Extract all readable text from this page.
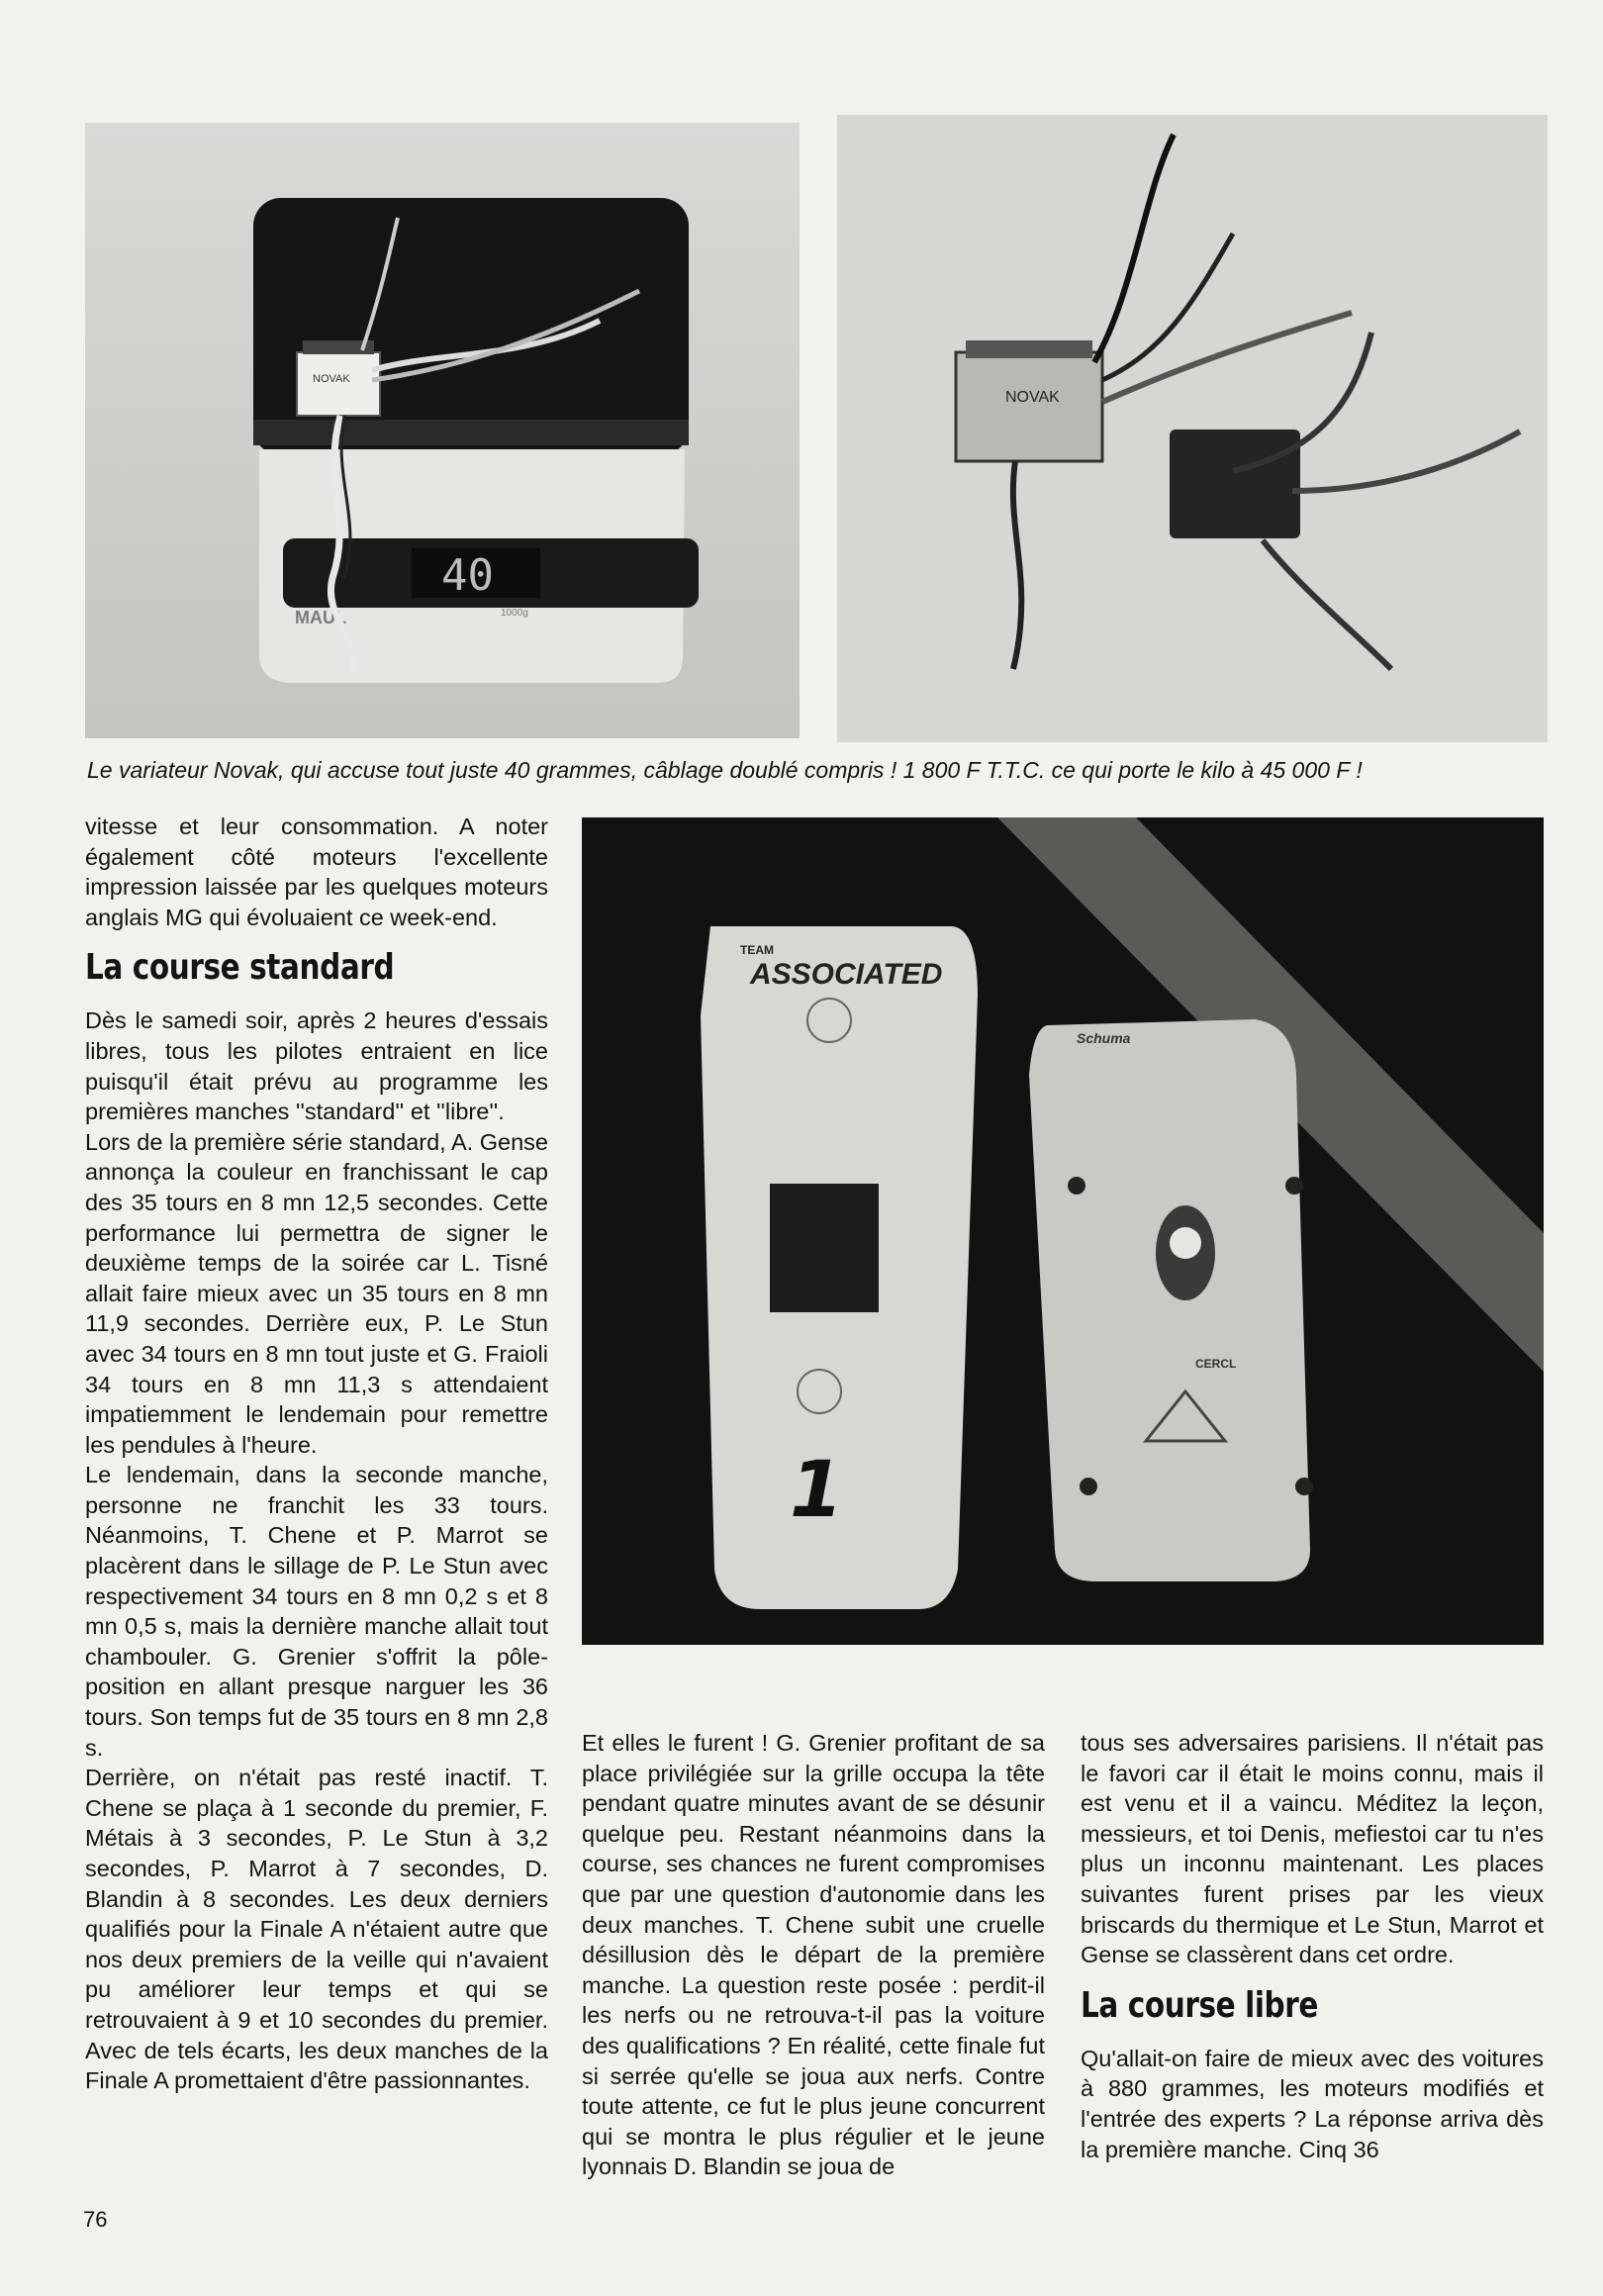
40
MAUL	1000g
NOVAK
NOVAK
Le variateur Novak, qui accuse tout juste 40 grammes, câblage doublé compris ! 1 800 F T.T.C. ce qui porte le kilo à 45 000 F !
TEAM
ASSOCIATED
1
Schuma
CERCL

vitesse et leur consommation. A noter également côté moteurs l'excellente impression laissée par les quelques moteurs anglais MG qui évoluaient ce week-end.

La course standard

Dès le samedi soir, après 2 heures d'essais libres, tous les pilotes entraient en lice puisqu'il était prévu au programme les premières manches ''standard'' et ''libre''.

Lors de la première série standard, A. Gense annonça la couleur en franchissant le cap des 35 tours en 8 mn 12,5 secondes. Cette performance lui permettra de signer le deuxième temps de la soirée car L. Tisné allait faire mieux avec un 35 tours en 8 mn 11,9 secondes. Derrière eux, P. Le Stun avec 34 tours en 8 mn tout juste et G. Fraioli 34 tours en 8 mn 11,3 s attendaient impatiemment le lendemain pour remettre les pendules à l'heure.

Le lendemain, dans la seconde manche, personne ne franchit les 33 tours. Néanmoins, T. Chene et P. Marrot se placèrent dans le sillage de P. Le Stun avec respectivement 34 tours en 8 mn 0,2 s et 8 mn 0,5 s, mais la dernière manche allait tout chambouler. G. Grenier s'offrit la pôle-position en allant presque narguer les 36 tours. Son temps fut de 35 tours en 8 mn 2,8 s.

Derrière, on n'était pas resté inactif. T. Chene se plaça à 1 seconde du premier, F. Métais à 3 secondes, P. Le Stun à 3,2 secondes, P. Marrot à 7 secondes, D. Blandin à 8 secondes. Les deux derniers qualifiés pour la Finale A n'étaient autre que nos deux premiers de la veille qui n'avaient pu améliorer leur temps et qui se retrouvaient à 9 et 10 secondes du premier. Avec de tels écarts, les deux manches de la Finale A promettaient d'être passionnantes.

Et elles le furent ! G. Grenier profitant de sa place privilégiée sur la grille occupa la tête pendant quatre minutes avant de se désunir quelque peu. Restant néanmoins dans la course, ses chances ne furent compromises que par une question d'autonomie dans les deux manches. T. Chene subit une cruelle désillusion dès le départ de la première manche. La question reste posée : perdit-il les nerfs ou ne retrouva-t-il pas la voiture des qualifications ? En réalité, cette finale fut si serrée qu'elle se joua aux nerfs. Contre toute attente, ce fut le plus jeune concurrent qui se montra le plus régulier et le jeune lyonnais D. Blandin se joua de

tous ses adversaires parisiens. Il n'était pas le favori car il était le moins connu, mais il est venu et il a vaincu. Méditez la leçon, messieurs, et toi Denis, mefiestoi car tu n'es plus un inconnu maintenant. Les places suivantes furent prises par les vieux briscards du thermique et Le Stun, Marrot et Gense se classèrent dans cet ordre.

La course libre

Qu'allait-on faire de mieux avec des voitures à 880 grammes, les moteurs modifiés et l'entrée des experts ? La réponse arriva dès la première manche. Cinq 36

76
